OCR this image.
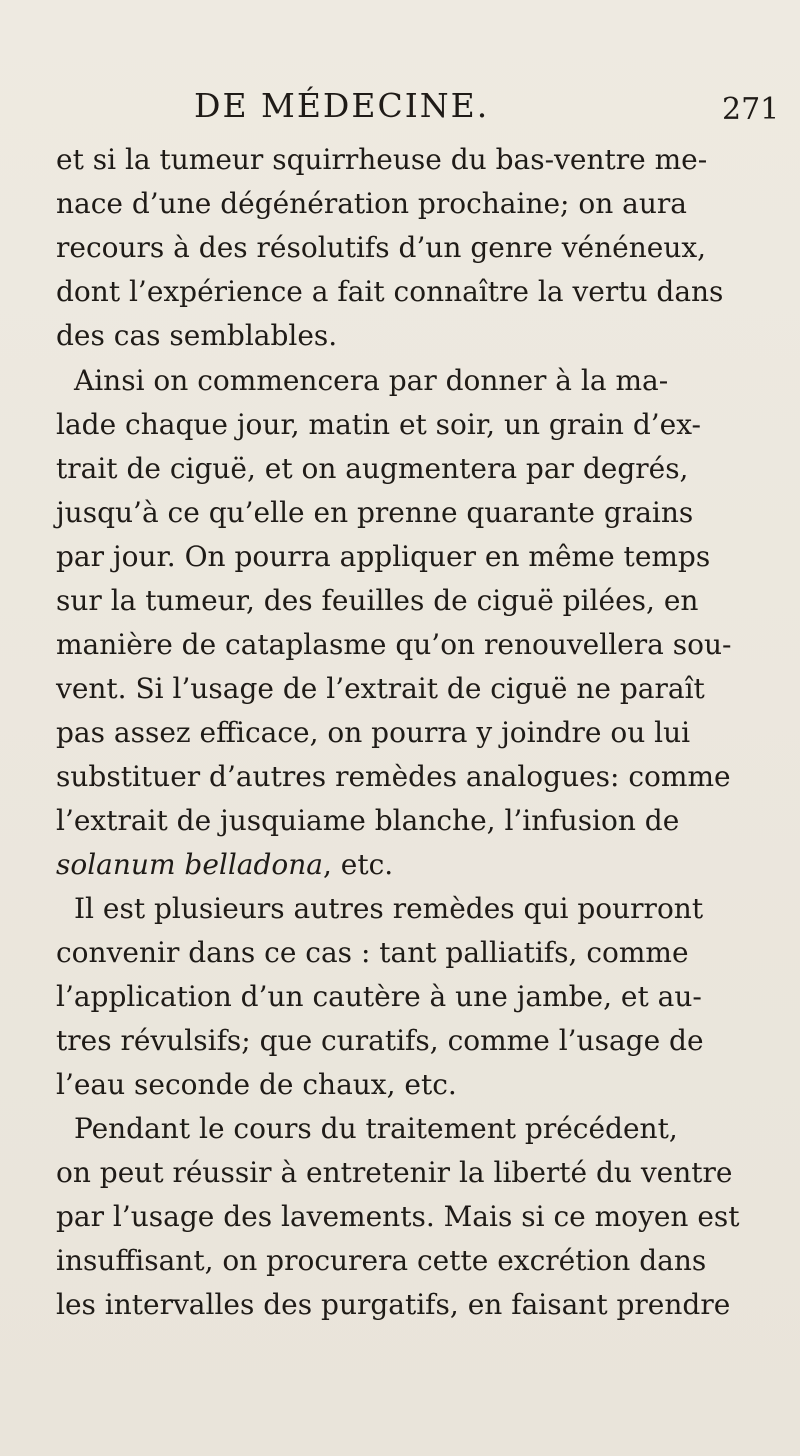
DE MÉDECINE.	271
et si la tumeur squirrheuse du bas-ventre me-
nace d’une dégénération prochaine; on aura
recours à des résolutifs d’un genre vénéneux,
dont l’expérience a fait connaître la vertu dans
des cas semblables.
Ainsi on commencera par donner à la ma-
lade chaque jour, matin et soir, un grain d’ex-
trait de ciguë, et on augmentera par degrés,
jusqu’à ce qu’elle en prenne quarante grains
par jour. On pourra appliquer en même temps
sur la tumeur, des feuilles de ciguë pilées, en
manière de cataplasme qu’on renouvellera sou-
vent. Si l’usage de l’extrait de ciguë ne paraît
pas assez efficace, on pourra y joindre ou lui
substituer d’autres remèdes analogues: comme
l’extrait de jusquiame blanche, l’infusion de
solanum belladona, etc.
Il est plusieurs autres remèdes qui pourront
convenir dans ce cas : tant palliatifs, comme
l’application d’un cautère à une jambe, et au-
tres révulsifs; que curatifs, comme l’usage de
l’eau seconde de chaux, etc.
Pendant le cours du traitement précédent,
on peut réussir à entretenir la liberté du ventre
par l’usage des lavements. Mais si ce moyen est
insuffisant, on procurera cette excrétion dans
les intervalles des purgatifs, en faisant prendre
